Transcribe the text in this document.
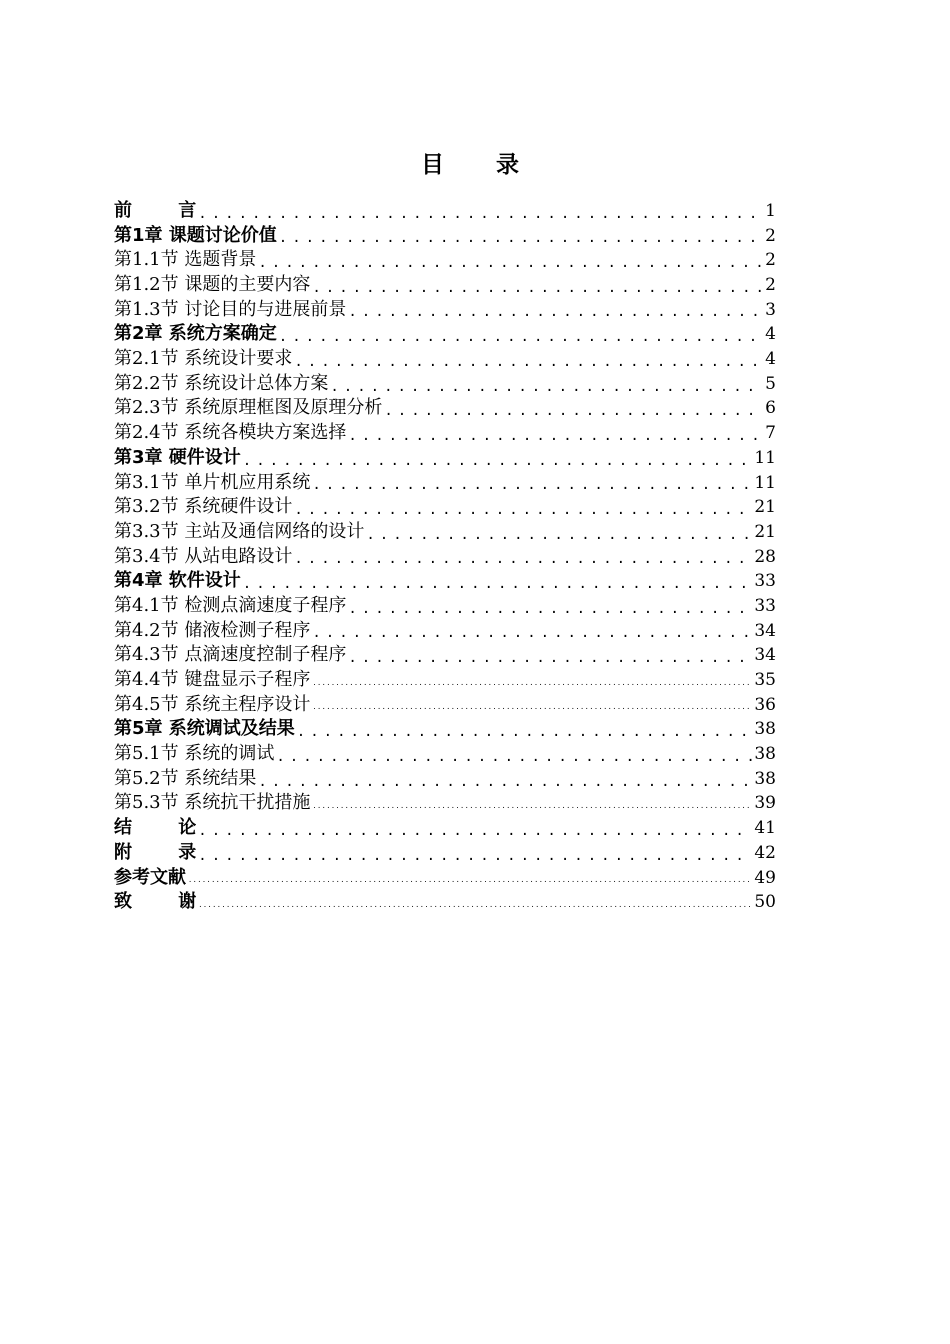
目 录
前 言 .....	1
第1章 课题讨论价值 .....	2
第1.1节 选题背景 .....	2
第1.2节 课题的主要内容 .....	2
第1.3节 讨论目的与进展前景 .....	3
第2章 系统方案确定 .....	4
第2.1节 系统设计要求 .....	4
第2.2节 系统设计总体方案 .....	5
第2.3节 系统原理框图及原理分析 .....	6
第2.4节 系统各模块方案选择 .....	7
第3章 硬件设计 .....	11
第3.1节 单片机应用系统 .....	11
第3.2节 系统硬件设计 .....	21
第3.3节 主站及通信网络的设计 .....	21
第3.4节 从站电路设计 .....	28
第4章 软件设计 .....	33
第4.1节 检测点滴速度子程序 .....	33
第4.2节 储液检测子程序 .....	34
第4.3节 点滴速度控制子程序 .....	34
第4.4节 键盘显示子程序 .....	35
第4.5节 系统主程序设计 .....	36
第5章 系统调试及结果 .....	38
第5.1节 系统的调试 .....	38
第5.2节 系统结果 .....	38
第5.3节 系统抗干扰措施 .....	39
结 论 .....	41
附 录 .....	42
参考文献 .....	49
致 谢 .....	50
